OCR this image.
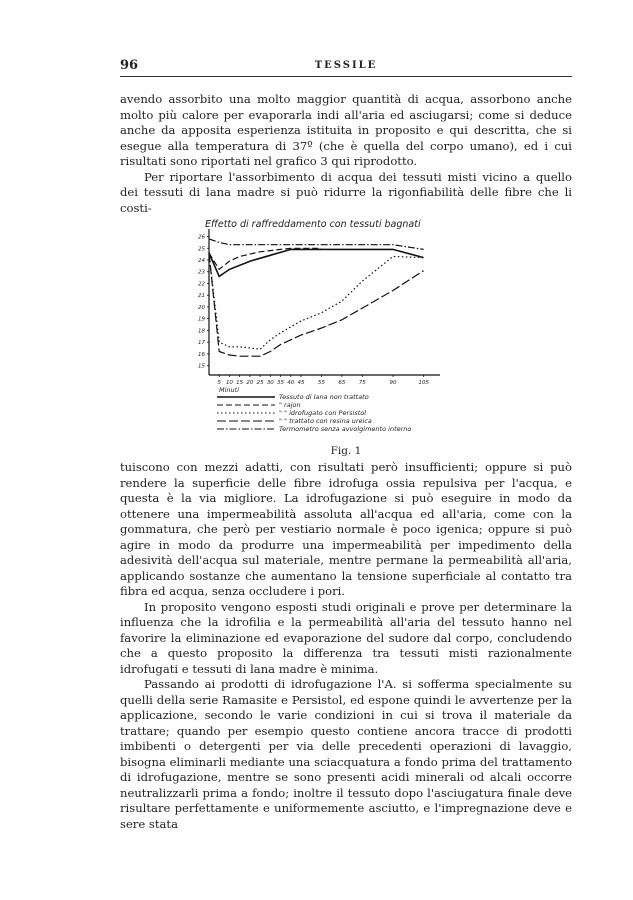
96	TESSILE

avendo assorbito una molto maggior quantità di acqua, assorbono anche molto più calore per evaporarla indi all'aria ed asciugarsi; come si deduce anche da apposita esperienza istituita in proposito e qui descritta, che si esegue alla temperatura di 37º (che è quella del corpo umano), ed i cui risultati sono riportati nel grafico 3 qui riprodotto.

Per riportare l'assorbimento di acqua dei tessuti misti vicino a quello dei tessuti di lana madre si può ridurre la rigonfiabilità delle fibre che li costi-

Effetto di raffreddamento con tessuti bagnati
15
16
17
18
19
20
21
22
23
24
25
26
5 10 15 20 25 30 35 40 45 55 65 75	90	105
Minuti
Tessuto di lana non trattato
" rajon
" " idrofugato con Persistol
" " trattato con resina ureica
Termometro senza avvolgimento interno
Fig. 1

tuiscono con mezzi adatti, con risultati però insufficienti; oppure si può rendere la superficie delle fibre idrofuga ossia repulsiva per l'acqua, e questa è la via migliore. La idrofugazione si può eseguire in modo da ottenere una impermeabilità assoluta all'acqua ed all'aria, come con la gommatura, che però per vestiario normale è poco igenica; oppure si può agire in modo da produrre una impermeabilità per impedimento della adesività dell'acqua sul materiale, mentre permane la permeabilità all'aria, applicando sostanze che aumentano la tensione superficiale al contatto tra fibra ed acqua, senza occludere i pori.

In proposito vengono esposti studi originali e prove per determinare la influenza che la idrofilia e la permeabilità all'aria del tessuto hanno nel favorire la eliminazione ed evaporazione del sudore dal corpo, concludendo che a questo proposito la differenza tra tessuti misti razionalmente idrofugati e tessuti di lana madre è minima.

Passando ai prodotti di idrofugazione l'A. si sofferma specialmente su quelli della serie Ramasite e Persistol, ed espone quindi le avvertenze per la applicazione, secondo le varie condizioni in cui si trova il materiale da trattare; quando per esempio questo contiene ancora tracce di prodotti imbibenti o detergenti per via delle precedenti operazioni di lavaggio, bisogna eliminarli mediante una sciacquatura a fondo prima del trattamento di idrofugazione, mentre se sono presenti acidi minerali od alcali occorre neutralizzarli prima a fondo; inoltre il tessuto dopo l'asciugatura finale deve risultare perfettamente e uniformemente asciutto, e l'impregnazione deve e sere stata
